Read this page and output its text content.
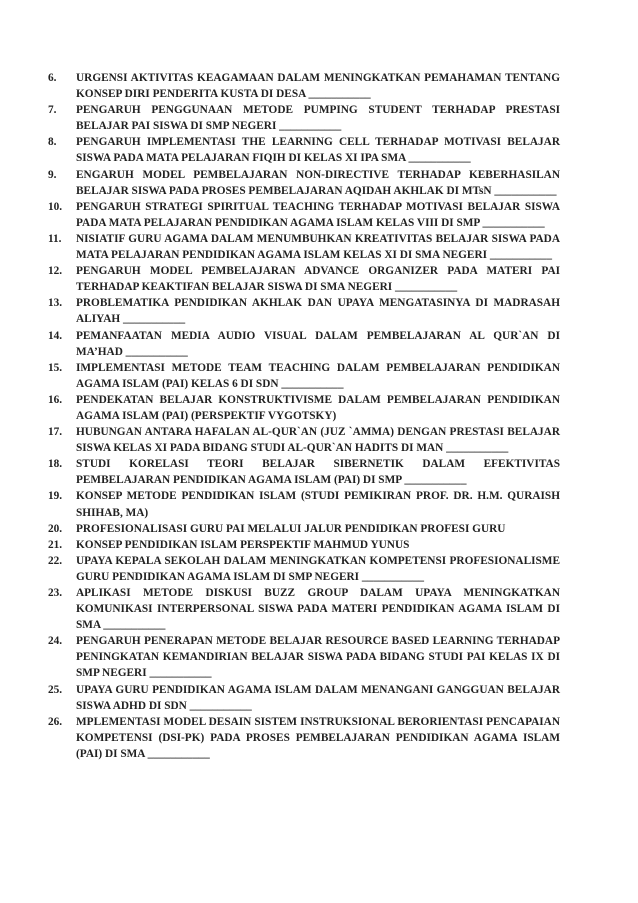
6.	URGENSI AKTIVITAS KEAGAMAAN DALAM MENINGKATKAN PEMAHAMAN TENTANG KONSEP DIRI PENDERITA KUSTA DI DESA ___________
7.	PENGARUH PENGGUNAAN METODE PUMPING STUDENT TERHADAP PRESTASI BELAJAR PAI SISWA DI SMP NEGERI ___________
8.	PENGARUH IMPLEMENTASI THE LEARNING CELL TERHADAP MOTIVASI BELAJAR SISWA PADA MATA PELAJARAN FIQIH DI KELAS XI IPA SMA ___________
9.	ENGARUH MODEL PEMBELAJARAN NON-DIRECTIVE TERHADAP KEBERHASILAN BELAJAR SISWA PADA PROSES PEMBELAJARAN AQIDAH AKHLAK DI MTsN ___________
10.	PENGARUH STRATEGI SPIRITUAL TEACHING TERHADAP MOTIVASI BELAJAR SISWA PADA MATA PELAJARAN PENDIDIKAN AGAMA ISLAM KELAS VIII DI SMP ___________
11.	NISIATIF GURU AGAMA DALAM MENUMBUHKAN KREATIVITAS BELAJAR SISWA PADA MATA PELAJARAN PENDIDIKAN AGAMA ISLAM KELAS XI DI SMA NEGERI ___________
12.	PENGARUH MODEL PEMBELAJARAN ADVANCE ORGANIZER PADA MATERI PAI TERHADAP KEAKTIFAN BELAJAR SISWA DI SMA NEGERI ___________
13.	PROBLEMATIKA PENDIDIKAN AKHLAK DAN UPAYA MENGATASINYA DI MADRASAH ALIYAH ___________
14.	PEMANFAATAN MEDIA AUDIO VISUAL DALAM PEMBELAJARAN AL QUR`AN DI MA’HAD ___________
15.	IMPLEMENTASI METODE TEAM TEACHING DALAM PEMBELAJARAN PENDIDIKAN AGAMA ISLAM (PAI) KELAS 6 DI SDN ___________
16.	PENDEKATAN BELAJAR KONSTRUKTIVISME DALAM PEMBELAJARAN PENDIDIKAN AGAMA ISLAM (PAI) (PERSPEKTIF VYGOTSKY)
17.	HUBUNGAN ANTARA HAFALAN AL-QUR`AN (JUZ `AMMA) DENGAN PRESTASI BELAJAR SISWA KELAS XI PADA BIDANG STUDI AL-QUR`AN HADITS DI MAN ___________
18.	STUDI KORELASI TEORI BELAJAR SIBERNETIK DALAM EFEKTIVITAS PEMBELAJARAN PENDIDIKAN AGAMA ISLAM (PAI) DI SMP ___________
19.	KONSEP METODE PENDIDIKAN ISLAM (STUDI PEMIKIRAN PROF. DR. H.M. QURAISH SHIHAB, MA)
20.	PROFESIONALISASI GURU PAI MELALUI JALUR PENDIDIKAN PROFESI GURU
21.	KONSEP PENDIDIKAN ISLAM PERSPEKTIF MAHMUD YUNUS
22.	UPAYA KEPALA SEKOLAH DALAM MENINGKATKAN KOMPETENSI PROFESIONALISME GURU PENDIDIKAN AGAMA ISLAM DI SMP NEGERI ___________
23.	APLIKASI METODE DISKUSI BUZZ GROUP DALAM UPAYA MENINGKATKAN KOMUNIKASI INTERPERSONAL SISWA PADA MATERI PENDIDIKAN AGAMA ISLAM DI SMA ___________
24.	PENGARUH PENERAPAN METODE BELAJAR RESOURCE BASED LEARNING TERHADAP PENINGKATAN KEMANDIRIAN BELAJAR SISWA PADA BIDANG STUDI PAI KELAS IX DI SMP NEGERI ___________
25.	UPAYA GURU PENDIDIKAN AGAMA ISLAM DALAM MENANGANI GANGGUAN BELAJAR SISWA ADHD DI SDN ___________
26.	MPLEMENTASI MODEL DESAIN SISTEM INSTRUKSIONAL BERORIENTASI PENCAPAIAN KOMPETENSI (DSI-PK) PADA PROSES PEMBELAJARAN PENDIDIKAN AGAMA ISLAM (PAI) DI SMA ___________
